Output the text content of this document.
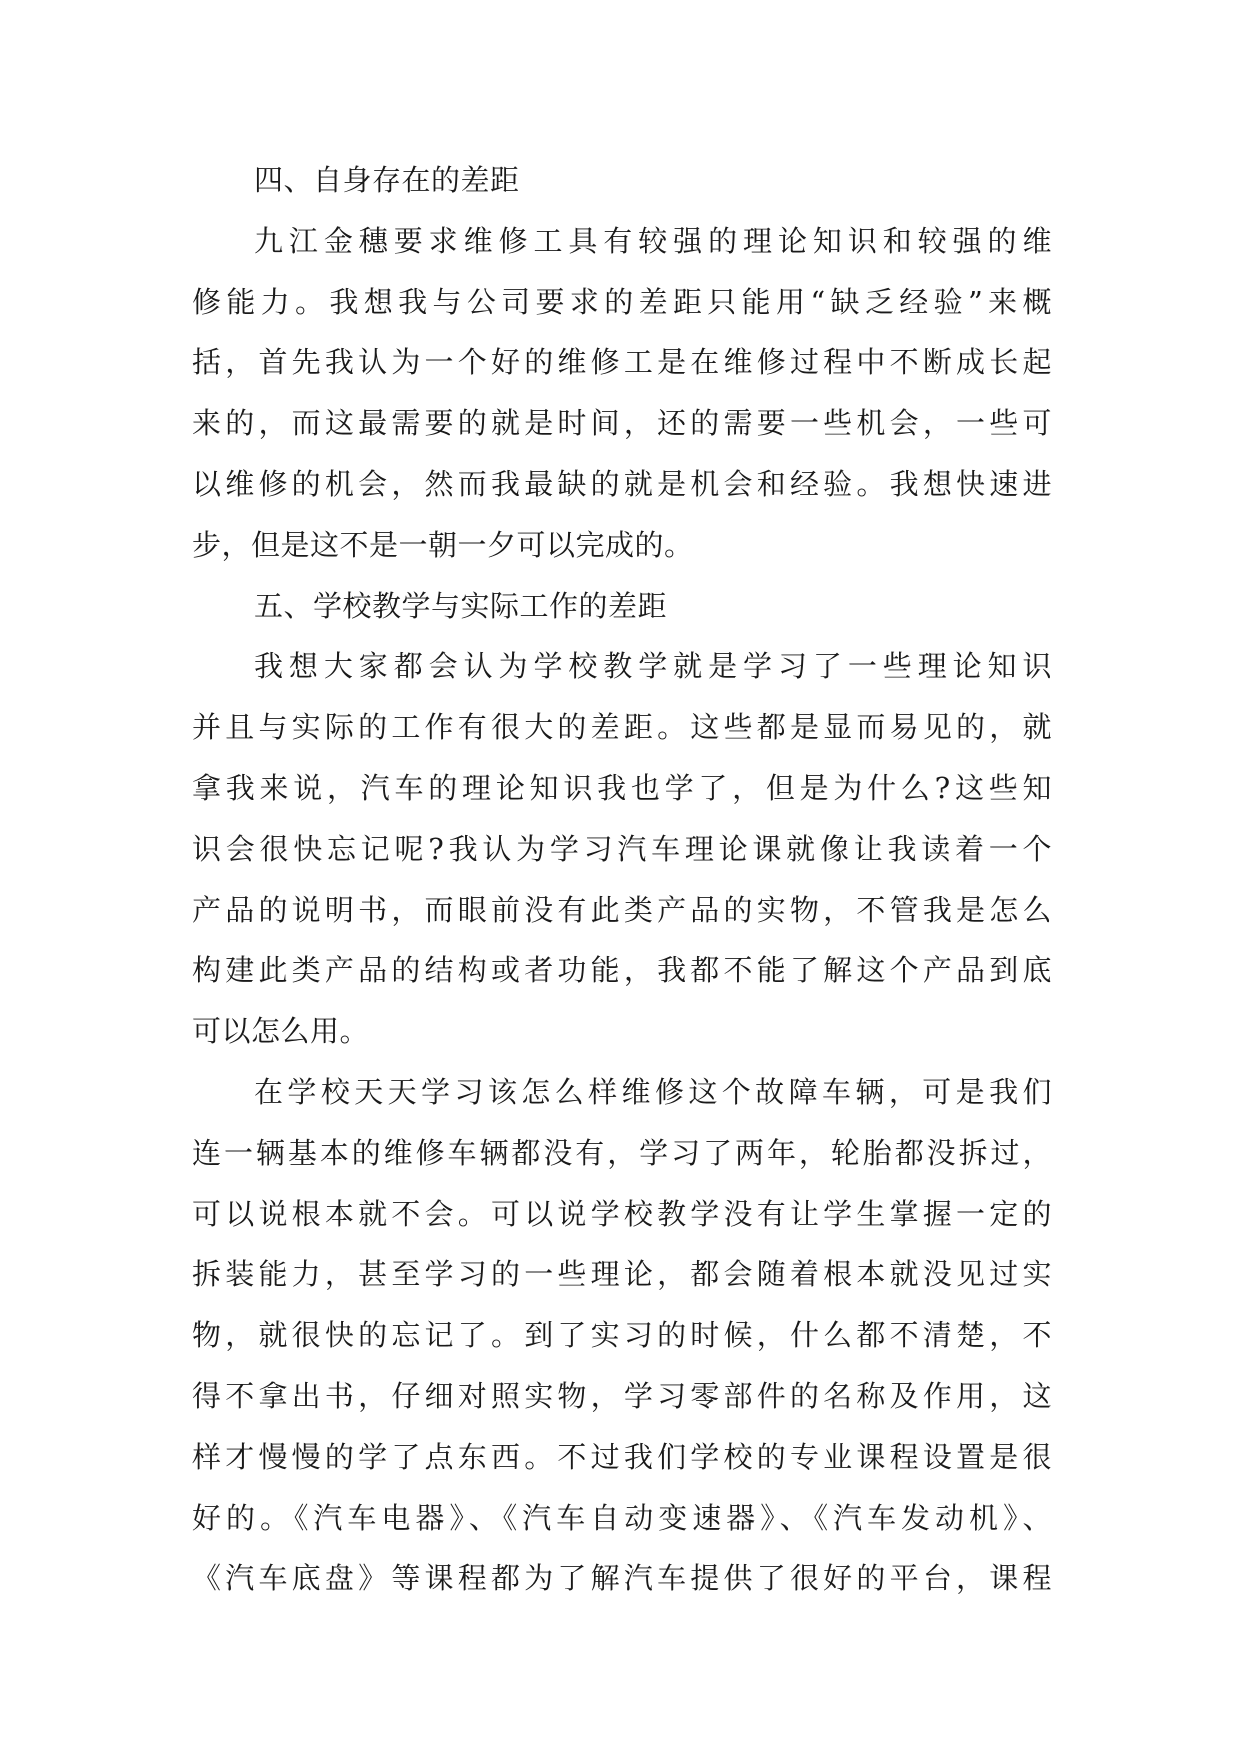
四、自身存在的差距
九江金穗要求维修工具有较强的理论知识和较强的维
修能力。我想我与公司要求的差距只能用“缺乏经验”来概
括，首先我认为一个好的维修工是在维修过程中不断成长起
来的，而这最需要的就是时间，还的需要一些机会，一些可
以维修的机会，然而我最缺的就是机会和经验。我想快速进
步，但是这不是一朝一夕可以完成的。
五、学校教学与实际工作的差距
我想大家都会认为学校教学就是学习了一些理论知识
并且与实际的工作有很大的差距。这些都是显而易见的，就
拿我来说，汽车的理论知识我也学了，但是为什么?这些知
识会很快忘记呢?我认为学习汽车理论课就像让我读着一个
产品的说明书，而眼前没有此类产品的实物，不管我是怎么
构建此类产品的结构或者功能，我都不能了解这个产品到底
可以怎么用。
在学校天天学习该怎么样维修这个故障车辆，可是我们
连一辆基本的维修车辆都没有，学习了两年，轮胎都没拆过，
可以说根本就不会。可以说学校教学没有让学生掌握一定的
拆装能力，甚至学习的一些理论，都会随着根本就没见过实
物，就很快的忘记了。到了实习的时候，什么都不清楚，不
得不拿出书，仔细对照实物，学习零部件的名称及作用，这
样才慢慢的学了点东西。不过我们学校的专业课程设置是很
好的。《汽车电器》、《汽车自动变速器》、《汽车发动机》、
《汽车底盘》等课程都为了解汽车提供了很好的平台，课程
